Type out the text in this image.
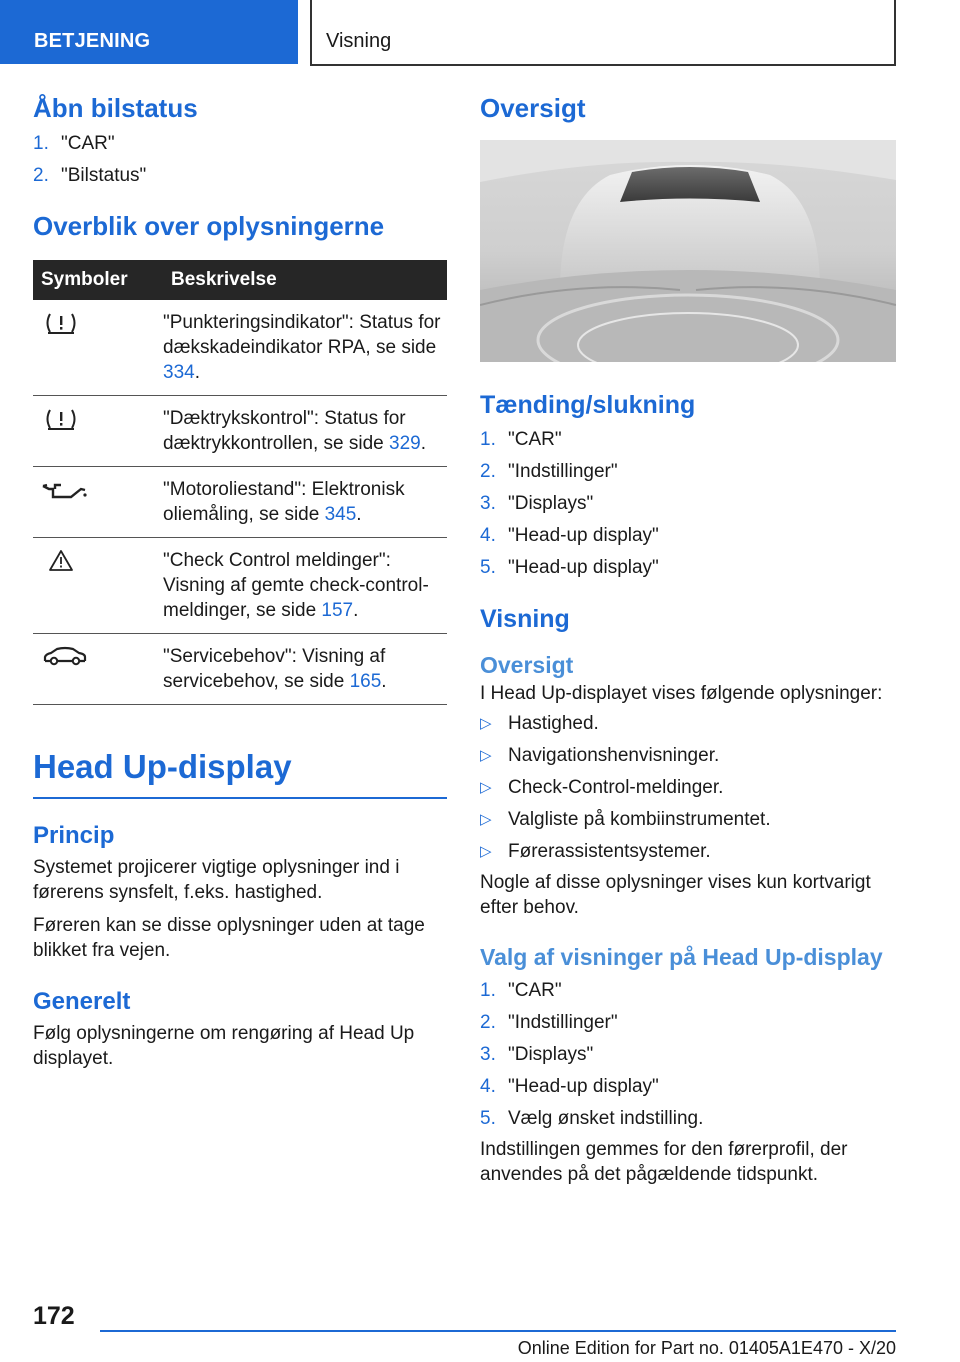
BETJENING	Visning
Åbn bilstatus
1. "CAR"
2. "Bilstatus"
Overblik over oplysningerne
Symboler	Beskrivelse
	"Punkteringsindikator": Status for dækskadeindikator RPA, se side 334.
	"Dæktrykskontrol": Status for dæktrykkontrollen, se side 329.
	"Motoroliestand": Elektronisk oliemåling, se side 345.
	"Check Control meldinger": Visning af gemte check-control-meldinger, se side 157.
	"Servicebehov": Visning af servicebehov, se side 165.
Head Up-display
Princip

Systemet projicerer vigtige oplysninger ind i førerens synsfelt, f.eks. hastighed.

Føreren kan se disse oplysninger uden at tage blikket fra vejen.

Generelt

Følg oplysningerne om rengøring af Head Up displayet.

Oversigt
Tænding/slukning
1. "CAR"
2. "Indstillinger"
3. "Displays"
4. "Head-up display"
5. "Head-up display"
Visning
Oversigt

I Head Up-displayet vises følgende oplysninger:

▷ Hastighed.
▷ Navigationshenvisninger.
▷ Check-Control-meldinger.
▷ Valgliste på kombiinstrumentet.
▷ Førerassistentsystemer.

Nogle af disse oplysninger vises kun kortvarigt efter behov.

Valg af visninger på Head Up-display
1. "CAR"
2. "Indstillinger"
3. "Displays"
4. "Head-up display"
5. Vælg ønsket indstilling.

Indstillingen gemmes for den førerprofil, der anvendes på det pågældende tidspunkt.

172
Online Edition for Part no. 01405A1E470 - X/20
